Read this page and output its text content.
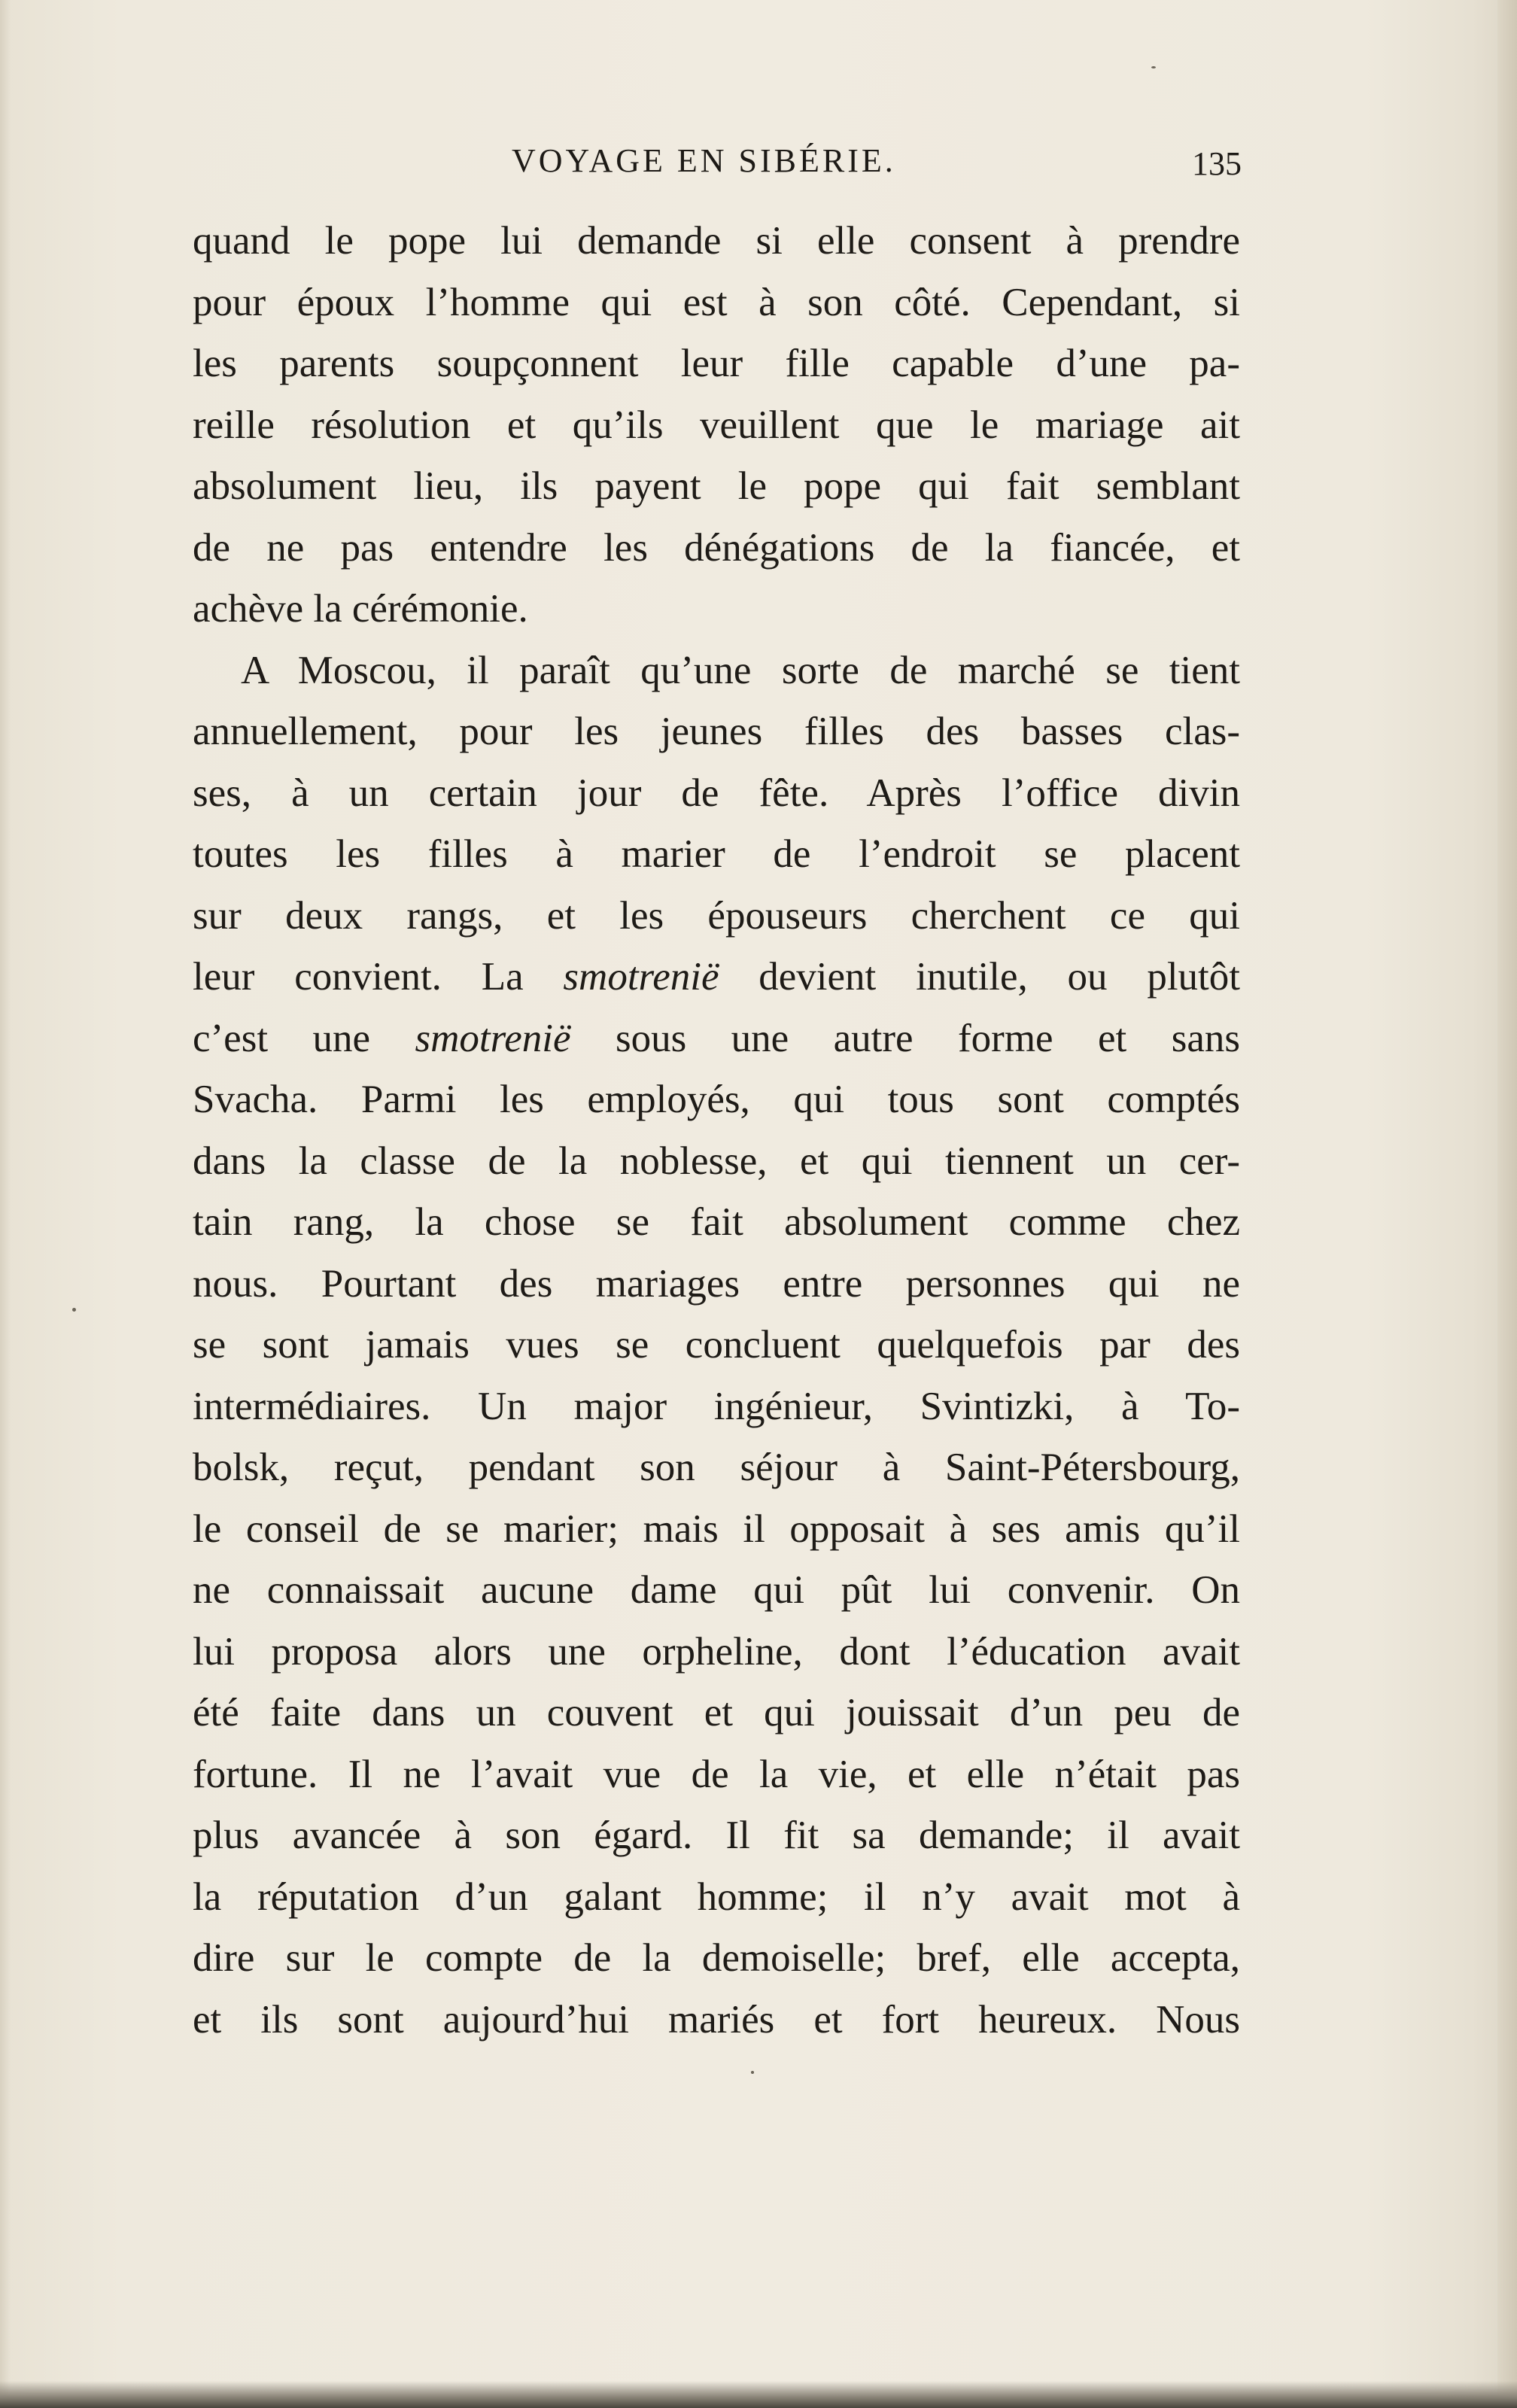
VOYAGE EN SIBÉRIE.	135
quand le pope lui demande si elle consent à prendre
pour époux l’homme qui est à son côté. Cependant, si
les parents soupçonnent leur fille capable d’une pa-
reille résolution et qu’ils veuillent que le mariage ait
absolument lieu, ils payent le pope qui fait semblant
de ne pas entendre les dénégations de la fiancée, et
achève la cérémonie.
A Moscou, il paraît qu’une sorte de marché se tient
annuellement, pour les jeunes filles des basses clas-
ses, à un certain jour de fête. Après l’office divin
toutes les filles à marier de l’endroit se placent
sur deux rangs, et les épouseurs cherchent ce qui
leur convient. La smotrenië devient inutile, ou plutôt
c’est une smotrenië sous une autre forme et sans
Svacha. Parmi les employés, qui tous sont comptés
dans la classe de la noblesse, et qui tiennent un cer-
tain rang, la chose se fait absolument comme chez
nous. Pourtant des mariages entre personnes qui ne
se sont jamais vues se concluent quelquefois par des
intermédiaires. Un major ingénieur, Svintizki, à To-
bolsk, reçut, pendant son séjour à Saint-Pétersbourg,
le conseil de se marier; mais il opposait à ses amis qu’il
ne connaissait aucune dame qui pût lui convenir. On
lui proposa alors une orpheline, dont l’éducation avait
été faite dans un couvent et qui jouissait d’un peu de
fortune. Il ne l’avait vue de la vie, et elle n’était pas
plus avancée à son égard. Il fit sa demande; il avait
la réputation d’un galant homme; il n’y avait mot à
dire sur le compte de la demoiselle; bref, elle accepta,
et ils sont aujourd’hui mariés et fort heureux. Nous
